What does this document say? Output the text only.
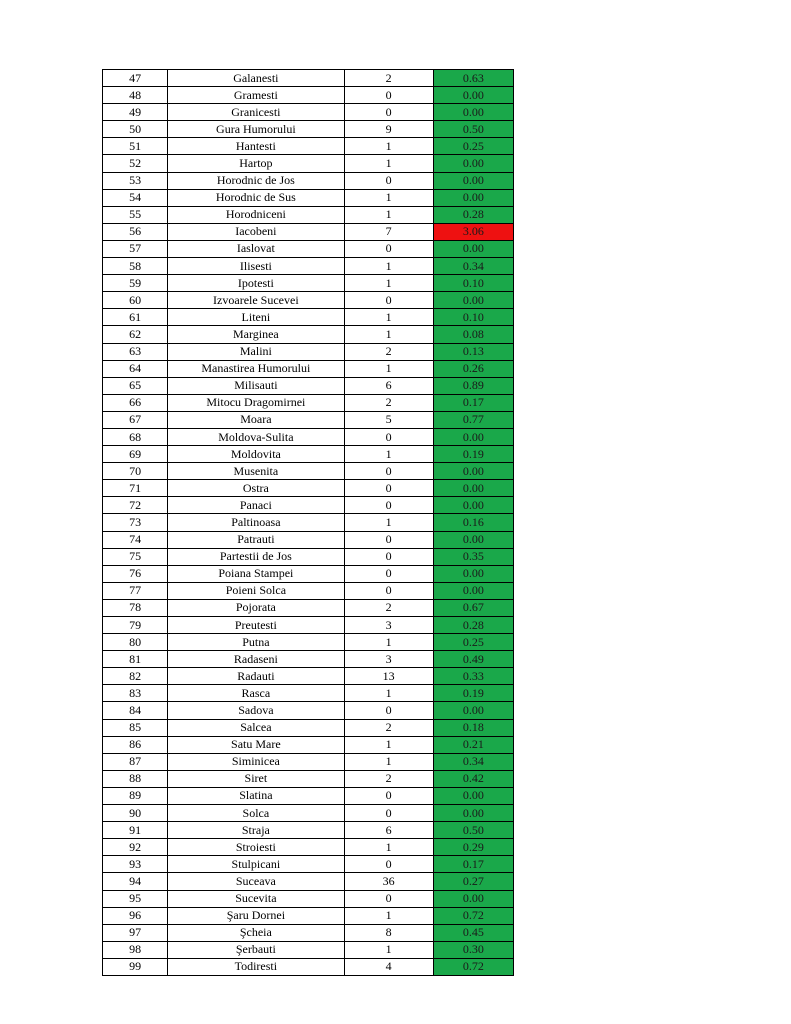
47	Galanesti	2	0.63
48	Gramesti	0	0.00
49	Granicesti	0	0.00
50	Gura Humorului	9	0.50
51	Hantesti	1	0.25
52	Hartop	1	0.00
53	Horodnic de Jos	0	0.00
54	Horodnic de Sus	1	0.00
55	Horodniceni	1	0.28
56	Iacobeni	7	3.06
57	Iaslovat	0	0.00
58	Ilisesti	1	0.34
59	Ipotesti	1	0.10
60	Izvoarele Sucevei	0	0.00
61	Liteni	1	0.10
62	Marginea	1	0.08
63	Malini	2	0.13
64	Manastirea Humorului	1	0.26
65	Milisauti	6	0.89
66	Mitocu Dragomirnei	2	0.17
67	Moara	5	0.77
68	Moldova-Sulita	0	0.00
69	Moldovita	1	0.19
70	Musenita	0	0.00
71	Ostra	0	0.00
72	Panaci	0	0.00
73	Paltinoasa	1	0.16
74	Patrauti	0	0.00
75	Partestii de Jos	0	0.35
76	Poiana Stampei	0	0.00
77	Poieni Solca	0	0.00
78	Pojorata	2	0.67
79	Preutesti	3	0.28
80	Putna	1	0.25
81	Radaseni	3	0.49
82	Radauti	13	0.33
83	Rasca	1	0.19
84	Sadova	0	0.00
85	Salcea	2	0.18
86	Satu Mare	1	0.21
87	Siminicea	1	0.34
88	Siret	2	0.42
89	Slatina	0	0.00
90	Solca	0	0.00
91	Straja	6	0.50
92	Stroiesti	1	0.29
93	Stulpicani	0	0.17
94	Suceava	36	0.27
95	Sucevita	0	0.00
96	Şaru Dornei	1	0.72
97	Şcheia	8	0.45
98	Şerbauti	1	0.30
99	Todiresti	4	0.72
